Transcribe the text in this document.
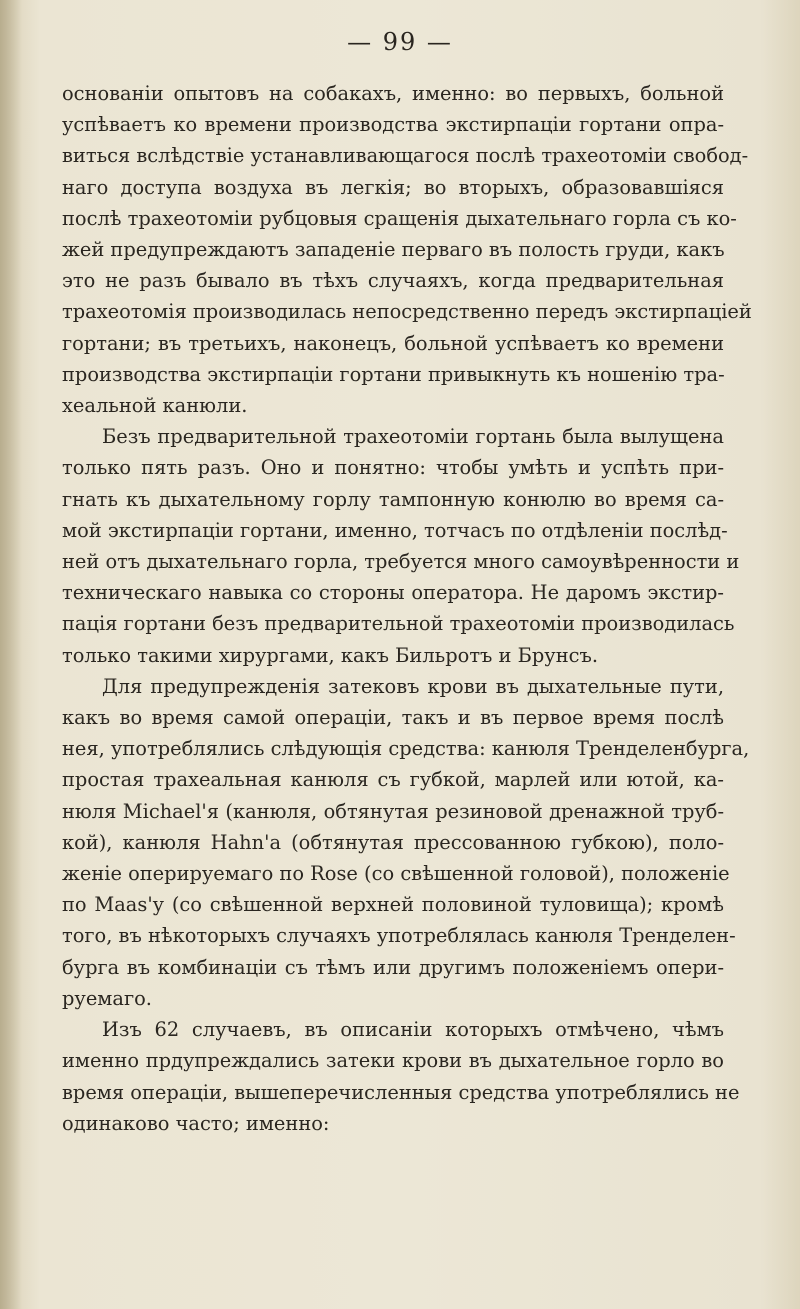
— 99 —
основаніи опытовъ на собакахъ, именно: во первыхъ, больной
успѣваетъ ко времени производства экстирпаціи гортани опра-
виться вслѣдствіе устанавливающагося послѣ трахеотоміи свобод-
наго доступа воздуха въ легкія; во вторыхъ, образовавшіяся
послѣ трахеотоміи рубцовыя сращенія дыхательнаго горла съ ко-
жей предупреждаютъ западеніе перваго въ полость груди, какъ
это не разъ бывало въ тѣхъ случаяхъ, когда предварительная
трахеотомія производилась непосредственно передъ экстирпаціей
гортани; въ третьихъ, наконецъ, больной успѣваетъ ко времени
производства экстирпаціи гортани привыкнуть къ ношенію тра-
хеальной канюли.
Безъ предварительной трахеотоміи гортань была вылущена
только пять разъ. Оно и понятно: чтобы умѣть и успѣть при-
гнать къ дыхательному горлу тампонную конюлю во время са-
мой экстирпаціи гортани, именно, тотчасъ по отдѣленіи послѣд-
ней отъ дыхательнаго горла, требуется много самоувѣренности и
техническаго навыка со стороны оператора. Не даромъ экстир-
пація гортани безъ предварительной трахеотоміи производилась
только такими хирургами, какъ Бильротъ и Брунсъ.
Для предупрежденія затековъ крови въ дыхательные пути,
какъ во время самой операціи, такъ и въ первое время послѣ
нея, употреблялись слѣдующія средства: канюля Тренделенбурга,
простая трахеальная канюля съ губкой, марлей или ютой, ка-
нюля Мiсhаеl'я (канюля, обтянутая резиновой дренажной труб-
кой), канюля Наhn'а (обтянутая прессованною губкою), поло-
женіе оперируемаго по Rоsе (со свѣшенной головой), положеніе
по Маas'у (со свѣшенной верхней половиной туловища); кромѣ
того, въ нѣкоторыхъ случаяхъ употреблялась канюля Тренделен-
бурга въ комбинаціи съ тѣмъ или другимъ положеніемъ опери-
руемаго.
Изъ 62 случаевъ, въ описаніи которыхъ отмѣчено, чѣмъ
именно прдупреждались затеки крови въ дыхательное горло во
время операціи, вышеперечисленныя средства употреблялись не
одинаково часто; именно:
